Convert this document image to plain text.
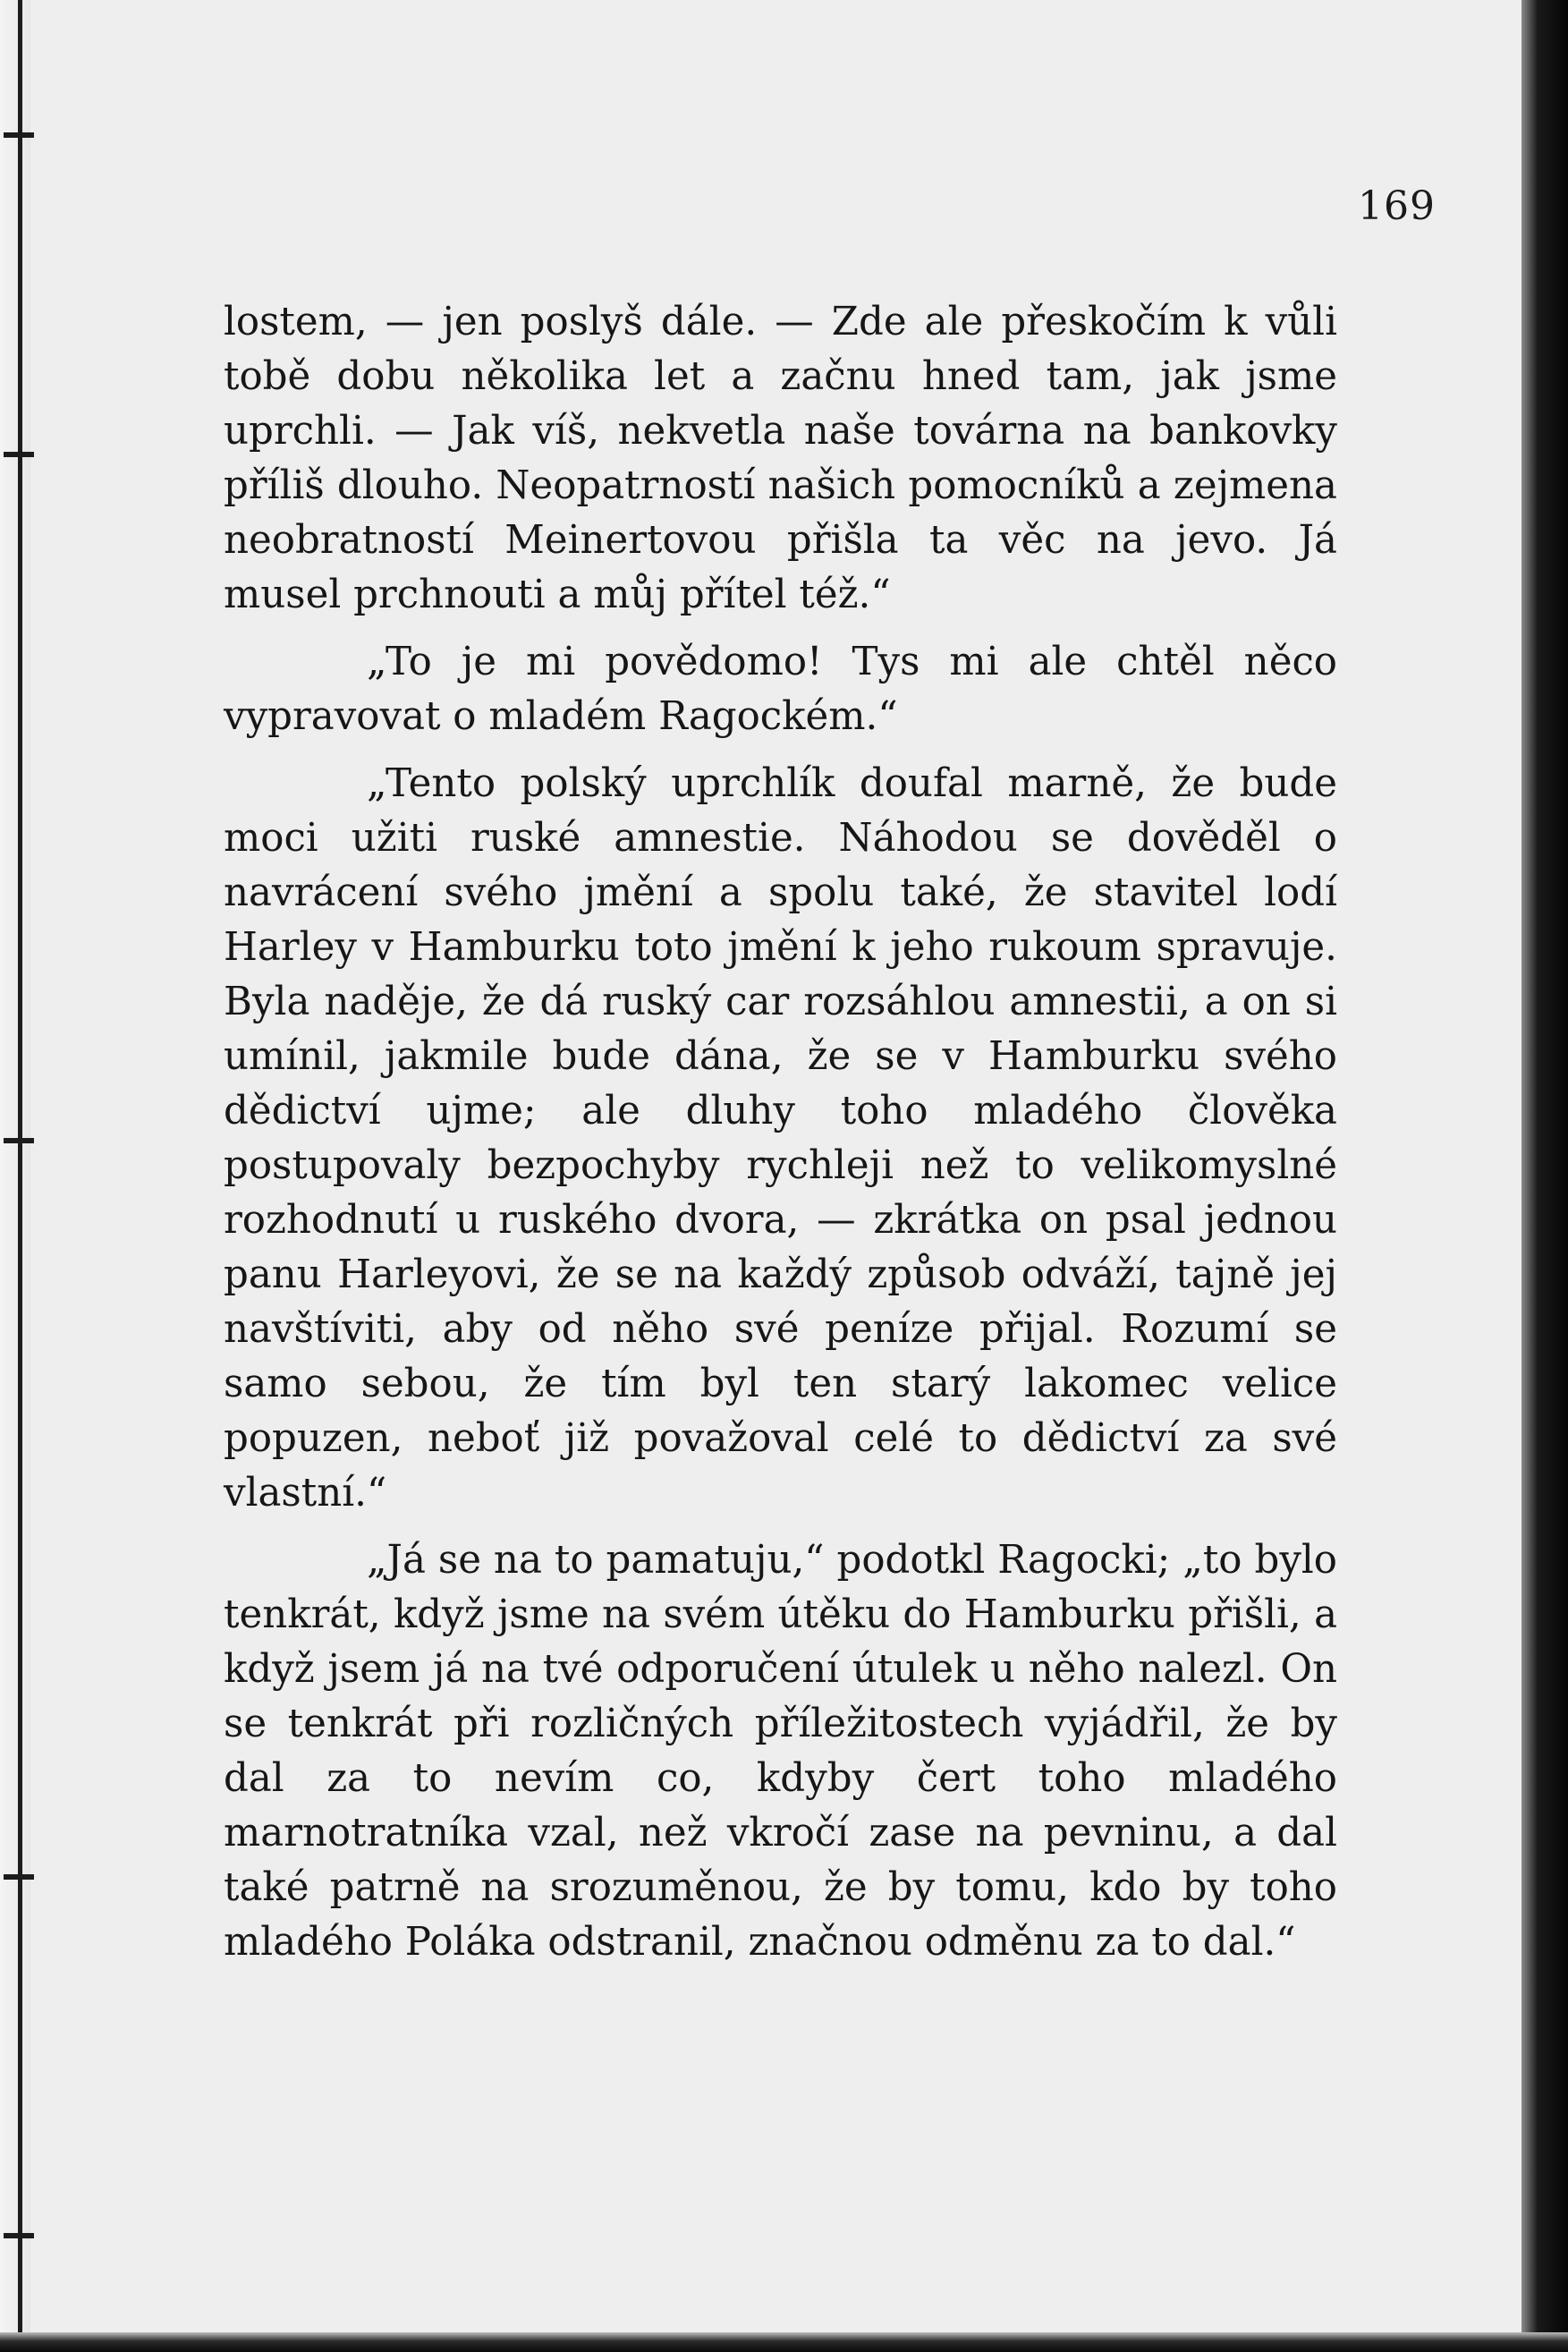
169

lostem, — jen poslyš dále. — Zde ale přeskočím k vůli tobě dobu několika let a začnu hned tam, jak jsme uprchli. — Jak víš, nekvetla naše továrna na bankovky příliš dlouho. Neopatrností našich pomocníků a zejmena neobratností Meinertovou přišla ta věc na jevo. Já musel prchnouti a můj přítel též.“

„To je mi povědomo! Tys mi ale chtěl něco vypravovat o mladém Ragockém.“

„Tento polský uprchlík doufal marně, že bude moci užiti ruské amnestie. Náhodou se dověděl o navrácení svého jmění a spolu také, že stavitel lodí Harley v Hamburku toto jmění k jeho rukoum spravuje. Byla naděje, že dá ruský car rozsáhlou amnestii, a on si umínil, jakmile bude dána, že se v Hamburku svého dědictví ujme; ale dluhy toho mladého člověka postupovaly bezpochyby rychleji než to velikomyslné rozhodnutí u ruského dvora, — zkrátka on psal jednou panu Harleyovi, že se na každý způsob odváží, tajně jej navštíviti, aby od něho své peníze přijal. Rozumí se samo sebou, že tím byl ten starý lakomec velice popuzen, neboť již považoval celé to dědictví za své vlastní.“

„Já se na to pamatuju,“ podotkl Ragocki; „to bylo tenkrát, když jsme na svém útěku do Hamburku přišli, a když jsem já na tvé odporučení útulek u něho nalezl. On se tenkrát při rozličných příležitostech vyjádřil, že by dal za to nevím co, kdyby čert toho mladého marnotratníka vzal, než vkročí zase na pevninu, a dal také patrně na srozuměnou, že by tomu, kdo by toho mladého Poláka odstranil, značnou odměnu za to dal.“
